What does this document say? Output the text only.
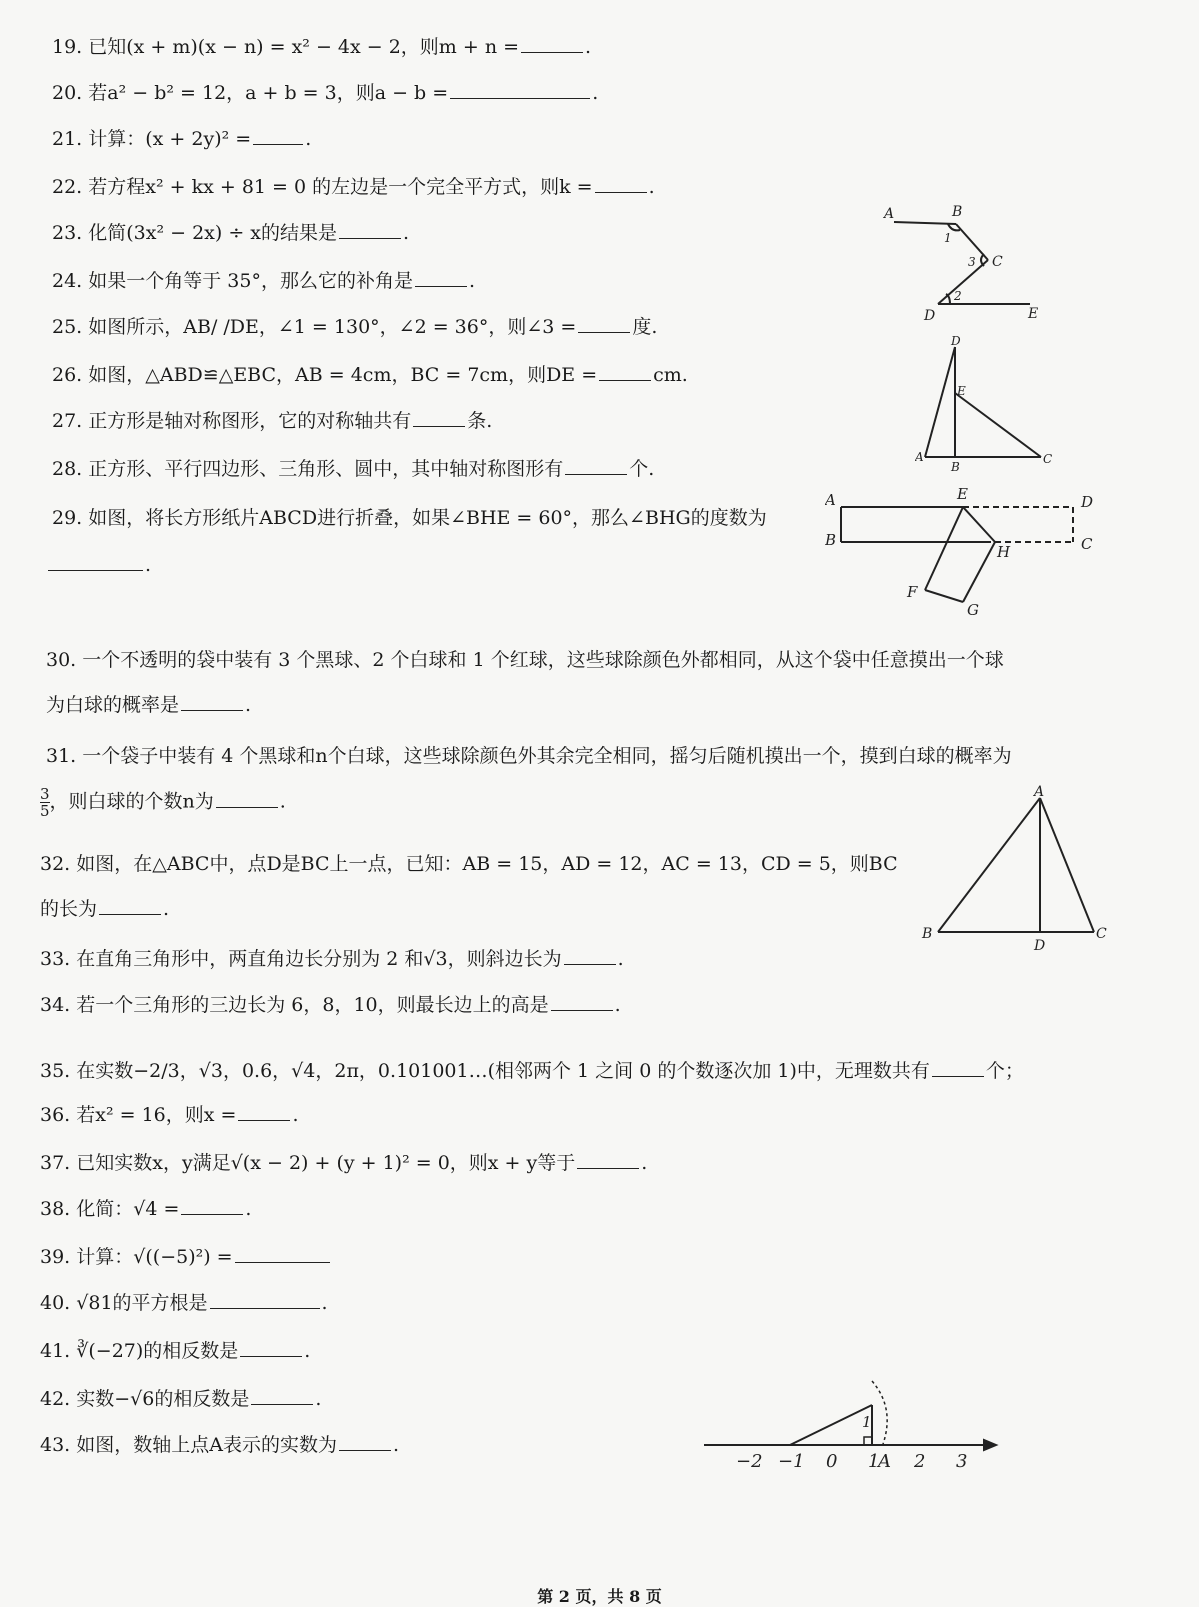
19. 已知(x + m)(x − n) = x² − 4x − 2，则m + n =	.
20. 若a² − b² = 12，a + b = 3，则a − b =	.
21. 计算：(x + 2y)² =	.
22. 若方程x² + kx + 81 = 0 的左边是一个完全平方式，则k =	.
23. 化简(3x² − 2x) ÷ x的结果是	.
24. 如果一个角等于 35°，那么它的补角是	.
25. 如图所示，AB/ /DE，∠1 = 130°，∠2 = 36°，则∠3 =	度.
26. 如图，△ABD≌△EBC，AB = 4cm，BC = 7cm，则DE =	cm.
27. 正方形是轴对称图形，它的对称轴共有	条.
28. 正方形、平行四边形、三角形、圆中，其中轴对称图形有	个.
29. 如图，将长方形纸片ABCD进行折叠，如果∠BHE = 60°，那么∠BHG的度数为
.
30. 一个不透明的袋中装有 3 个黑球、2 个白球和 1 个红球，这些球除颜色外都相同，从这个袋中任意摸出一个球
为白球的概率是	.
31. 一个袋子中装有 4 个黑球和n个白球，这些球除颜色外其余完全相同，摇匀后随机摸出一个，摸到白球的概率为
$\frac{3}{5}$ ，则白球的个数n为	.
32. 如图，在△ABC中，点D是BC上一点，已知：AB = 15，AD = 12，AC = 13，CD = 5，则BC
的长为	.
33. 在直角三角形中，两直角边长分别为 2 和√3，则斜边长为	.
34. 若一个三角形的三边长为 6，8，10，则最长边上的高是	.
35. 在实数−2/3，√3，0.6，√4，2π，0.101001…(相邻两个 1 之间 0 的个数逐次加 1)中，无理数共有	个；
36. 若x² = 16，则x =	.
37. 已知实数x，y满足√(x − 2) + (y + 1)² = 0，则x + y等于	.
38. 化简：√4 =	.
39. 计算：√((−5)²) =
40. √81的平方根是	.
41. ∛(−27)的相反数是	.
42. 实数−√6的相反数是	.
43. 如图，数轴上点A表示的实数为	.
A	B
C
D	E
1
2
3
D
E
A
B
C
A	E	D
B
H	C
F
G
A
B
D
C
−2 −1 0 1
A 2 3
1
第 2 页，共 8 页
